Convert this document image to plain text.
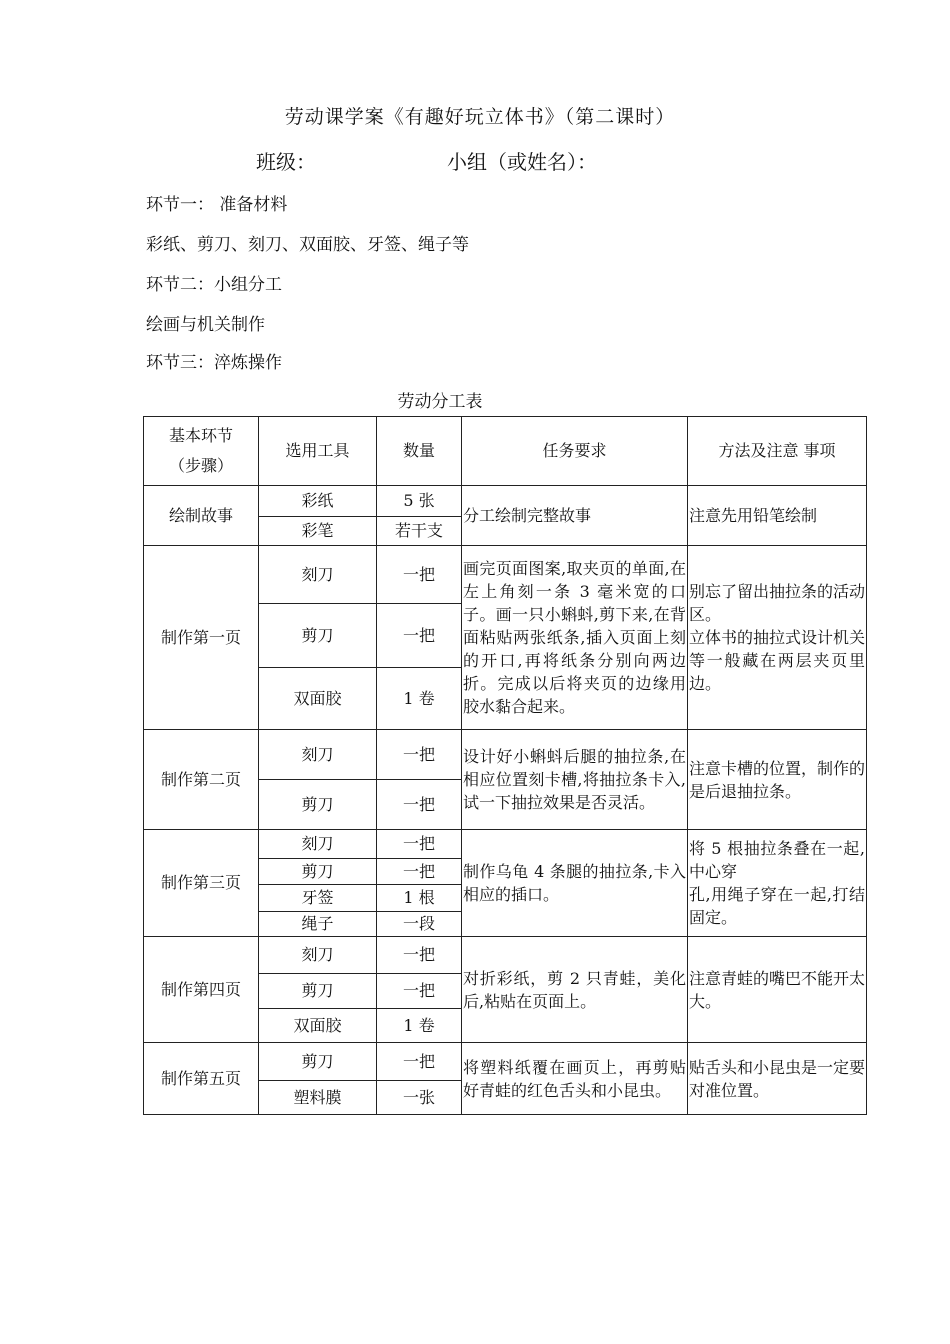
劳动课学案《有趣好玩立体书》（第二课时）
班级：	小组（或姓名）：
环节一： 准备材料
彩纸、剪刀、刻刀、双面胶、牙签、绳子等
环节二：小组分工
绘画与机关制作
环节三：淬炼操作
劳动分工表
基本环节
（步骤）	选用工具	数量	任务要求	方法及注意 事项
绘制故事	彩纸	5 张	分工绘制完整故事	注意先用铅笔绘制
	彩笔	若干支		
制作第一页	刻刀	一把	画完页面图案,取夹页的单面,在左上角刻一条 3 毫米宽的口子。画一只小蝌蚪,剪下来,在背面粘贴两张纸条,插入页面上刻的开口,再将纸条分别向两边折。完成以后将夹页的边缘用胶水黏合起来。	别忘了留出抽拉条的活动区。
立体书的抽拉式设计机关等一般藏在两层夹页里边。
	剪刀	一把		
	双面胶	1 卷		
制作第二页	刻刀	一把	设计好小蝌蚪后腿的抽拉条,在相应位置刻卡槽,将抽拉条卡入,试一下抽拉效果是否灵活。	注意卡槽的位置，制作的是后退抽拉条。
	剪刀	一把		
制作第三页	刻刀	一把	制作乌龟 4 条腿的抽拉条,卡入相应的插口。	将 5 根抽拉条叠在一起,中心穿
孔,用绳子穿在一起,打结固定。
	剪刀	一把		
	牙签	1 根		
	绳子	一段		
制作第四页	刻刀	一把	对折彩纸，剪 2 只青蛙，美化后,粘贴在页面上。	注意青蛙的嘴巴不能开太大。
	剪刀	一把		
	双面胶	1 卷		
制作第五页	剪刀	一把	将塑料纸覆在画页上，再剪贴好青蛙的红色舌头和小昆虫。	贴舌头和小昆虫是一定要对准位置。
	塑料膜	一张		
